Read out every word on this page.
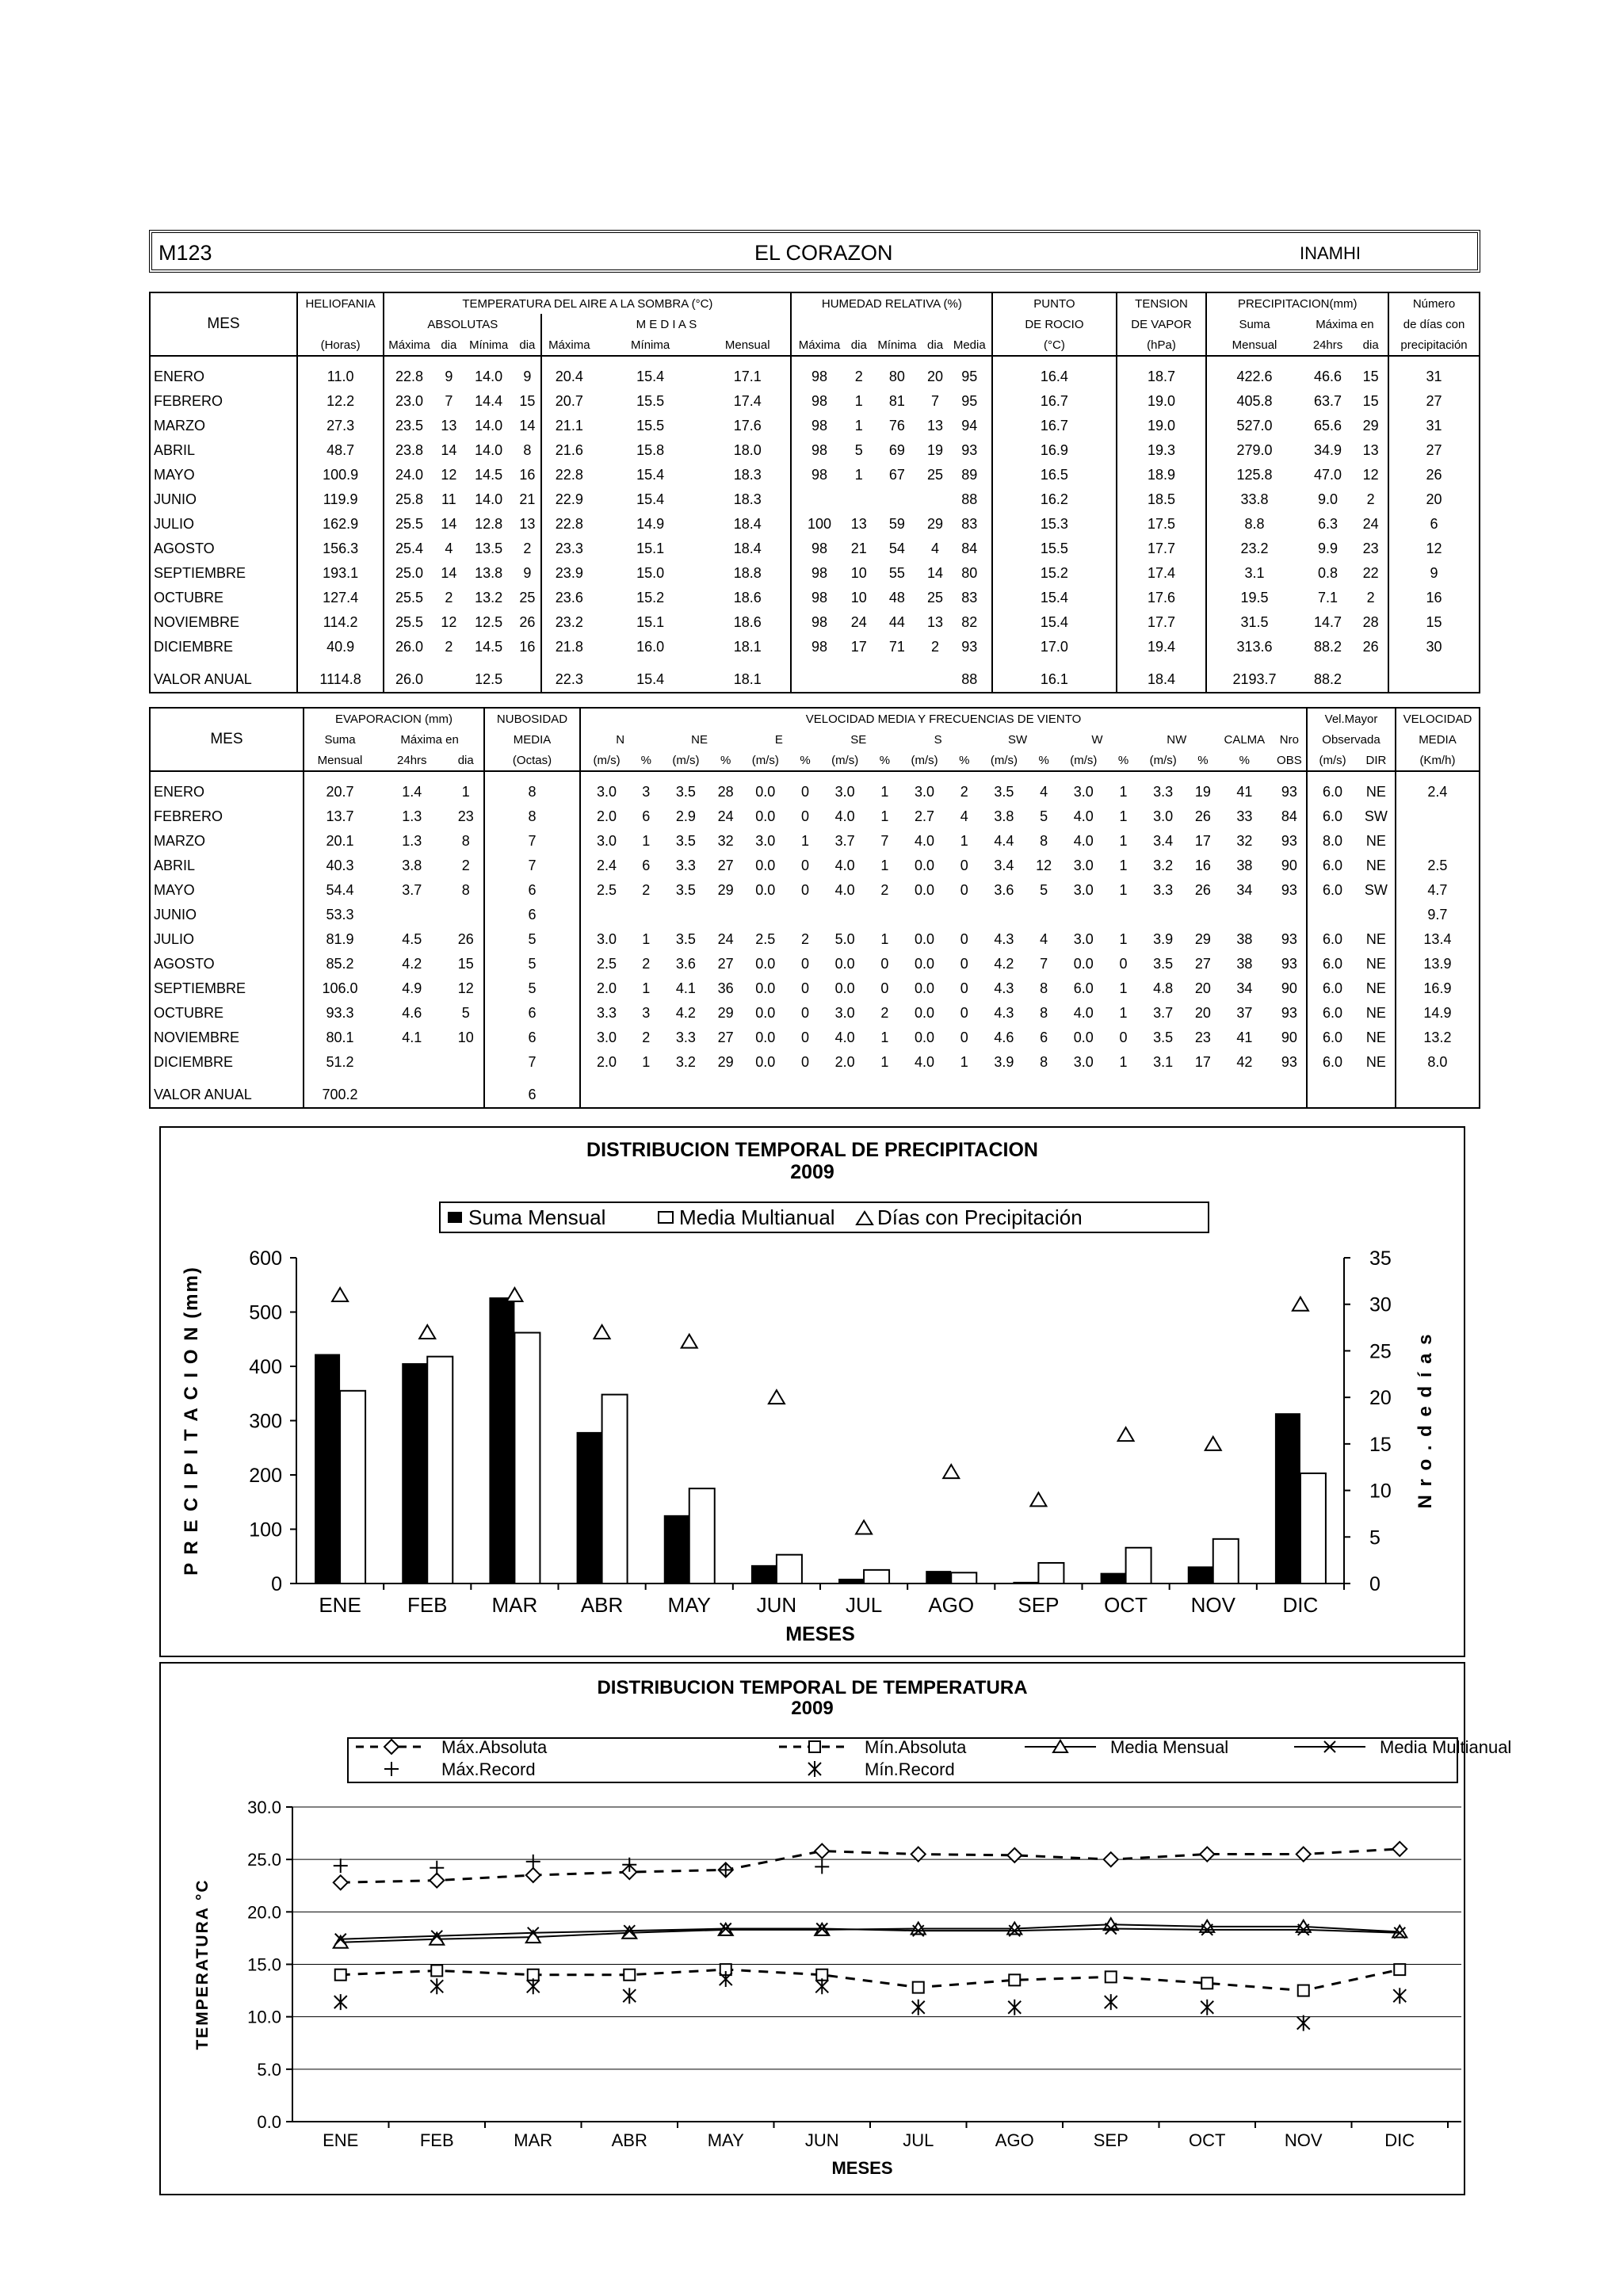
M123	EL CORAZON	INAMHI
	HELIOFANIA	TEMPERATURA DEL AIRE A LA SOMBRA (°C)							HUMEDAD RELATIVA (%)					PUNTO	TENSION	PRECIPITACION(mm)			Número
MES		ABSOLUTAS				M E D I A S								DE ROCIO	DE VAPOR	Suma	Máxima en		de días con
	(Horas)	Máxima	dia	Mínima	dia	Máxima	Mínima	Mensual	Máxima	dia	Mínima	dia	Media	(°C)	(hPa)	Mensual	24hrs	dia	precipitación

ENERO	11.0	22.8	9	14.0	9	20.4	15.4	17.1	98	2	80	20	95	16.4	18.7	422.6	46.6	15	31
FEBRERO	12.2	23.0	7	14.4	15	20.7	15.5	17.4	98	1	81	7	95	16.7	19.0	405.8	63.7	15	27
MARZO	27.3	23.5	13	14.0	14	21.1	15.5	17.6	98	1	76	13	94	16.7	19.0	527.0	65.6	29	31
ABRIL	48.7	23.8	14	14.0	8	21.6	15.8	18.0	98	5	69	19	93	16.9	19.3	279.0	34.9	13	27
MAYO	100.9	24.0	12	14.5	16	22.8	15.4	18.3	98	1	67	25	89	16.5	18.9	125.8	47.0	12	26
JUNIO	119.9	25.8	11	14.0	21	22.9	15.4	18.3					88	16.2	18.5	33.8	9.0	2	20
JULIO	162.9	25.5	14	12.8	13	22.8	14.9	18.4	100	13	59	29	83	15.3	17.5	8.8	6.3	24	6
AGOSTO	156.3	25.4	4	13.5	2	23.3	15.1	18.4	98	21	54	4	84	15.5	17.7	23.2	9.9	23	12
SEPTIEMBRE	193.1	25.0	14	13.8	9	23.9	15.0	18.8	98	10	55	14	80	15.2	17.4	3.1	0.8	22	9
OCTUBRE	127.4	25.5	2	13.2	25	23.6	15.2	18.6	98	10	48	25	83	15.4	17.6	19.5	7.1	2	16
NOVIEMBRE	114.2	25.5	12	12.5	26	23.2	15.1	18.6	98	24	44	13	82	15.4	17.7	31.5	14.7	28	15
DICIEMBRE	40.9	26.0	2	14.5	16	21.8	16.0	18.1	98	17	71	2	93	17.0	19.4	313.6	88.2	26	30

VALOR ANUAL	1114.8	26.0		12.5		22.3	15.4	18.1					88	16.1	18.4	2193.7	88.2		
	EVAPORACION (mm)			NUBOSIDAD	VELOCIDAD MEDIA Y FRECUENCIAS DE VIENTO																		Vel.Mayor		VELOCIDAD
MES	Suma	Máxima en		MEDIA	N		NE		E		SE		S		SW		W		NW		CALMA	Nro	Observada		MEDIA
	Mensual	24hrs	dia	(Octas)	(m/s)	%	(m/s)	%	(m/s)	%	(m/s)	%	(m/s)	%	(m/s)	%	(m/s)	%	(m/s)	%	%	OBS	(m/s)	DIR	(Km/h)

ENERO	20.7	1.4	1	8	3.0	3	3.5	28	0.0	0	3.0	1	3.0	2	3.5	4	3.0	1	3.3	19	41	93	6.0	NE	2.4
FEBRERO	13.7	1.3	23	8	2.0	6	2.9	24	0.0	0	4.0	1	2.7	4	3.8	5	4.0	1	3.0	26	33	84	6.0	SW	
MARZO	20.1	1.3	8	7	3.0	1	3.5	32	3.0	1	3.7	7	4.0	1	4.4	8	4.0	1	3.4	17	32	93	8.0	NE	
ABRIL	40.3	3.8	2	7	2.4	6	3.3	27	0.0	0	4.0	1	0.0	0	3.4	12	3.0	1	3.2	16	38	90	6.0	NE	2.5
MAYO	54.4	3.7	8	6	2.5	2	3.5	29	0.0	0	4.0	2	0.0	0	3.6	5	3.0	1	3.3	26	34	93	6.0	SW	4.7
JUNIO	53.3			6																					9.7
JULIO	81.9	4.5	26	5	3.0	1	3.5	24	2.5	2	5.0	1	0.0	0	4.3	4	3.0	1	3.9	29	38	93	6.0	NE	13.4
AGOSTO	85.2	4.2	15	5	2.5	2	3.6	27	0.0	0	0.0	0	0.0	0	4.2	7	0.0	0	3.5	27	38	93	6.0	NE	13.9
SEPTIEMBRE	106.0	4.9	12	5	2.0	1	4.1	36	0.0	0	0.0	0	0.0	0	4.3	8	6.0	1	4.8	20	34	90	6.0	NE	16.9
OCTUBRE	93.3	4.6	5	6	3.3	3	4.2	29	0.0	0	3.0	2	0.0	0	4.3	8	4.0	1	3.7	20	37	93	6.0	NE	14.9
NOVIEMBRE	80.1	4.1	10	6	3.0	2	3.3	27	0.0	0	4.0	1	0.0	0	4.6	6	0.0	0	3.5	23	41	90	6.0	NE	13.2
DICIEMBRE	51.2			7	2.0	1	3.2	29	0.0	0	2.0	1	4.0	1	3.9	8	3.0	1	3.1	17	42	93	6.0	NE	8.0

VALOR ANUAL	700.2			6																					
DISTRIBUCION TEMPORAL DE PRECIPITACION
2009
Suma Mensual	Media Multianual Días con Precipitación
0
100
200
300
400
500
600
0
5
10
15
20
25
30
35
P R E C I P I T A C I O N (mm)	N r o . d e d í a s
ENE FEB MAR ABR MAY JUN JUL AGO SEP OCT NOV DIC
MESES
DISTRIBUCION TEMPORAL DE TEMPERATURA
2009
Máx.Absoluta	Mín.Absoluta	Media Mensual	Media Multianual
Máx.Record	Mín.Record
0.0
5.0
10.0
15.0
20.0
25.0
30.0
TEMPERATURA °C
ENE	FEB	MAR	ABR	MAY	JUN	JUL	AGO	SEP	OCT	NOV	DIC
MESES
